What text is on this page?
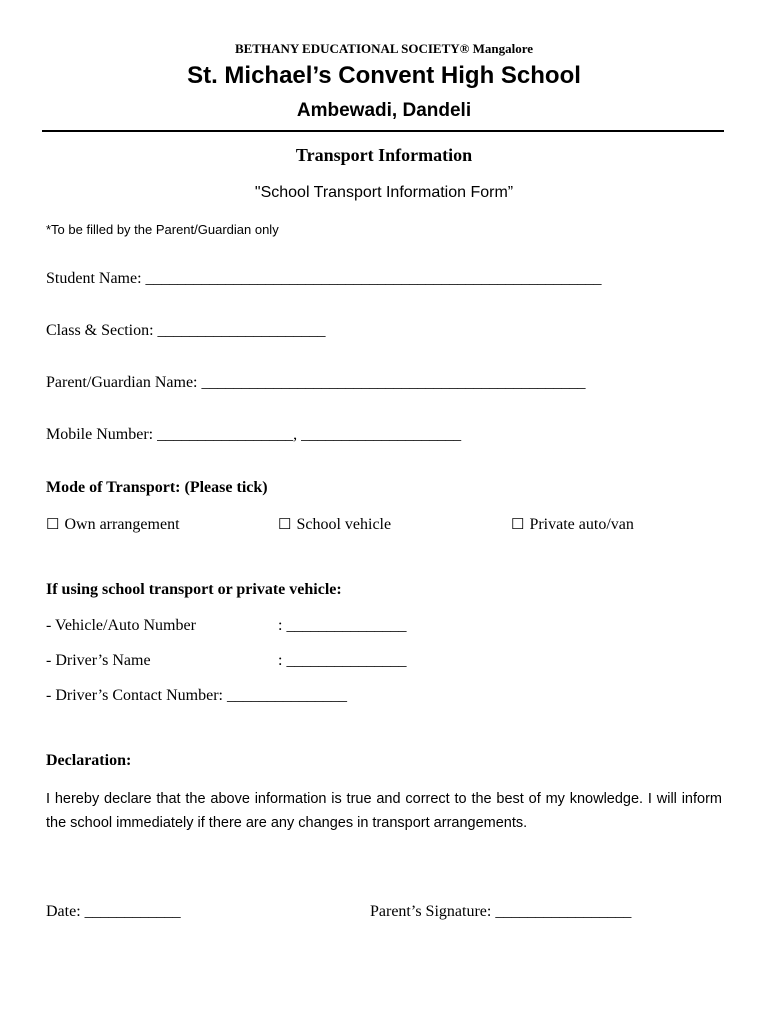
BETHANY EDUCATIONAL SOCIETY® Mangalore
St. Michael’s Convent High School
Ambewadi, Dandeli
Transport Information
"School Transport Information Form”
*To be filled by the Parent/Guardian only
Student Name: _________________________________________________________
Class & Section: _____________________
Parent/Guardian Name: ________________________________________________
Mobile Number: _________________, ____________________
Mode of Transport: (Please tick)
☐ Own arrangement	☐ School vehicle	☐ Private auto/van
If using school transport or private vehicle:
- Vehicle/Auto Number	: _______________
- Driver’s Name	: _______________
- Driver’s Contact Number: _______________
Declaration:
I hereby declare that the above information is true and correct to the best of my knowledge. I will inform the school immediately if there are any changes in transport arrangements.
Date: ____________	Parent’s Signature: _________________
